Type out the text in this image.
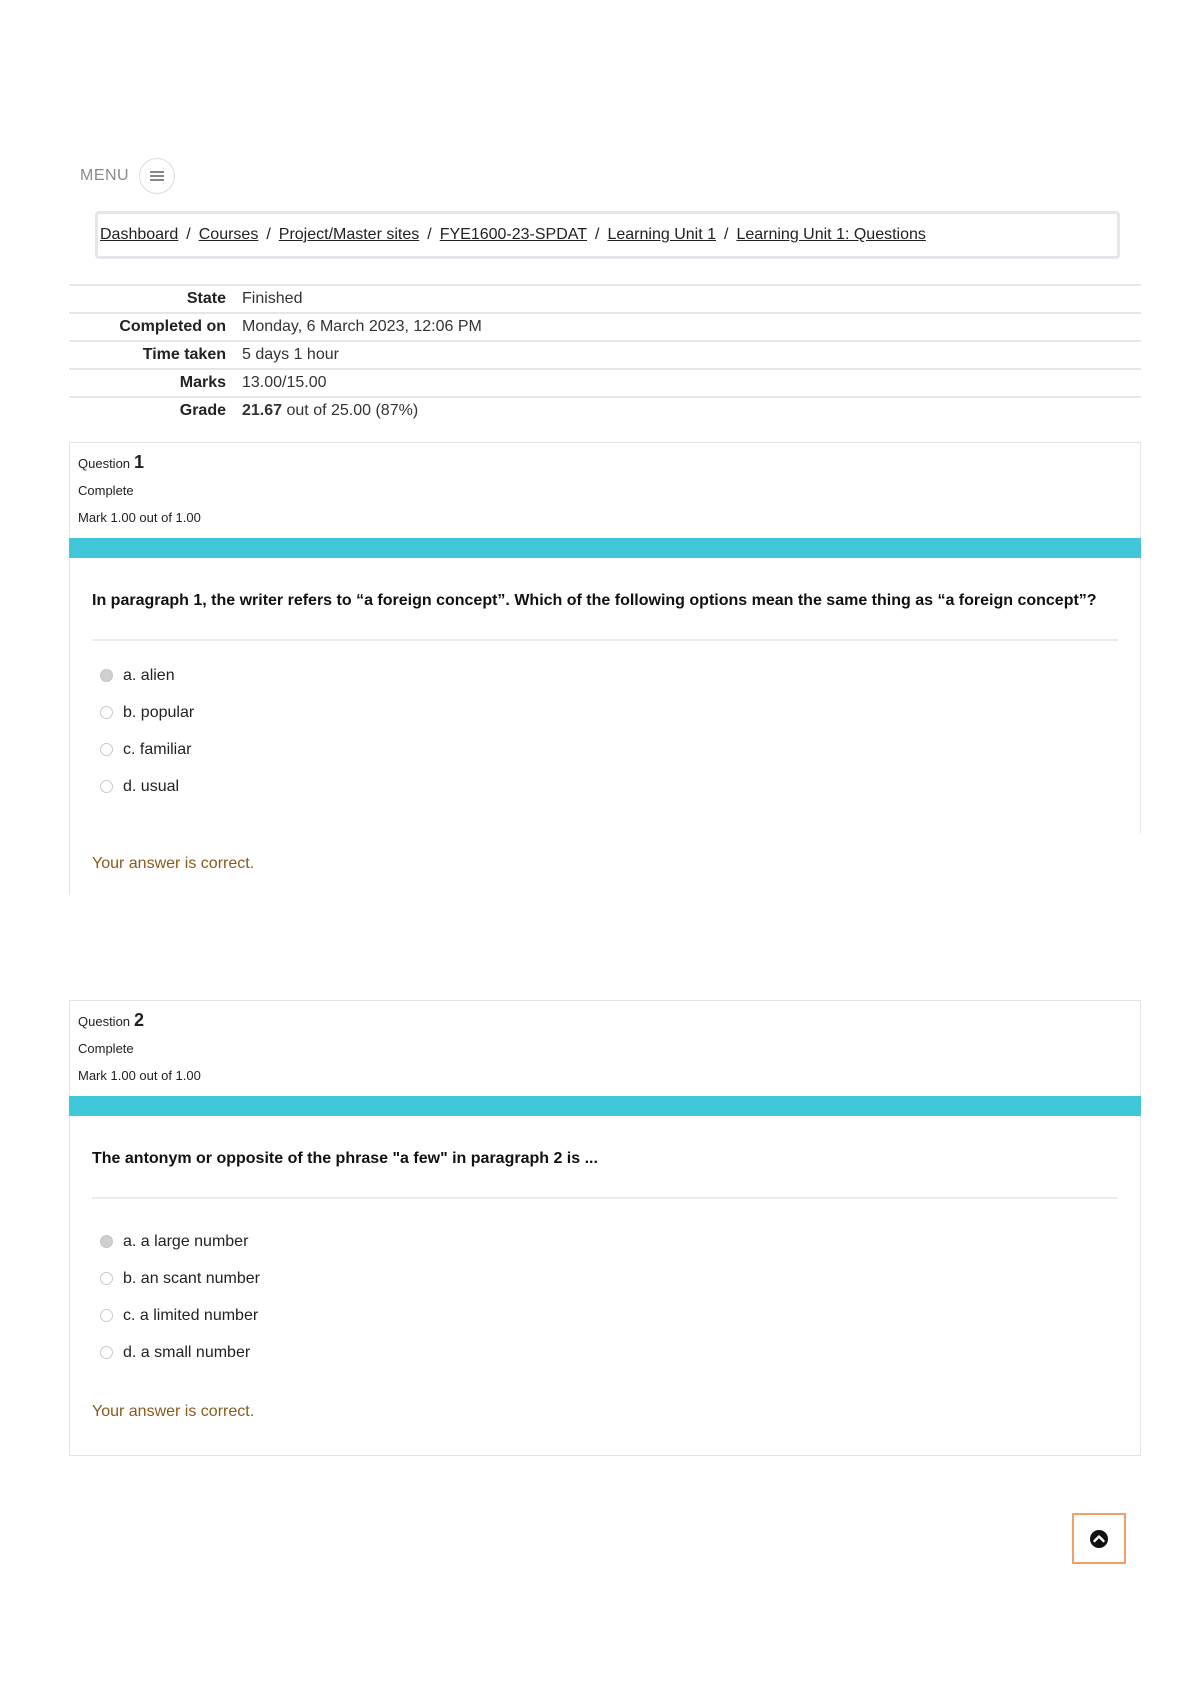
MENU
Dashboard / Courses / Project/Master sites / FYE1600-23-SPDAT / Learning Unit 1 / Learning Unit 1: Questions
State	Finished
Completed on	Monday, 6 March 2023, 12:06 PM
Time taken	5 days 1 hour
Marks	13.00/15.00
Grade	21.67 out of 25.00 (87%)
Question 1
Complete
Mark 1.00 out of 1.00
In paragraph 1, the writer refers to “a foreign concept”. Which of the following options mean the same thing as “a foreign concept”?
a. alien
b. popular
c. familiar
d. usual
Your answer is correct.
Question 2
Complete
Mark 1.00 out of 1.00
The antonym or opposite of the phrase "a few" in paragraph 2 is ...
a. a large number
b. an scant number
c. a limited number
d. a small number
Your answer is correct.
